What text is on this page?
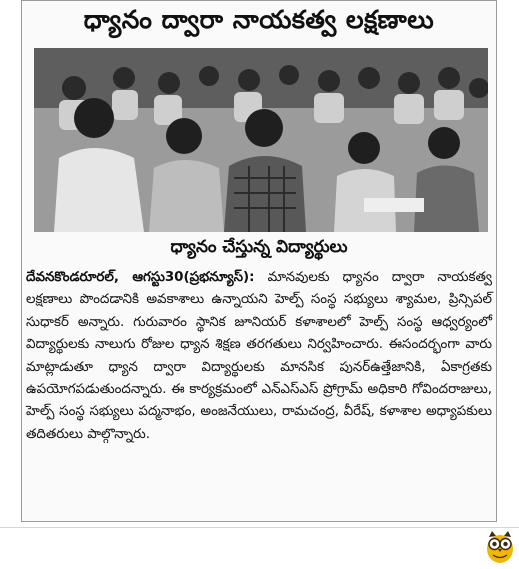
ధ్యానం ద్వారా నాయకత్వ లక్షణాలు
ధ్యానం చేస్తున్న విద్యార్థులు

దేవనకొండరూరల్, ఆగస్టు30(ప్రభన్యూస్): మానవులకు ధ్యానం ద్వారా నాయకత్వ లక్షణాలు పొందడానికి అవకాశాలు ఉన్నాయని హెల్ప్ సంస్థ సభ్యులు శ్యామల, ప్రిన్సిపల్ సుధాకర్ అన్నారు. గురువారం స్థానిక జూనియర్ కళాశాలలో హెల్ప్ సంస్థ ఆధ్వర్యంలో విద్యార్థులకు నాలుగు రోజుల ధ్యాన శిక్షణ తరగతులు నిర్వహించారు. ఈసందర్భంగా వారు మాట్లాడుతూ ధ్యాన ద్వారా విద్యార్థులకు మానసిక పునర్ఉత్తేజానికి, ఏకాగ్రతకు ఉపయోగపడుతుందన్నారు. ఈ కార్యక్రమంలో ఎన్ఎస్ఎస్ ప్రోగ్రామ్ అధికారి గోవిందరాజులు, హెల్ప్ సంస్థ సభ్యులు పద్మనాభం, అంజనేయులు, రామచంద్ర, వీరేష్, కళాశాల అధ్యాపకులు తదితరులు పాల్గొన్నారు.
